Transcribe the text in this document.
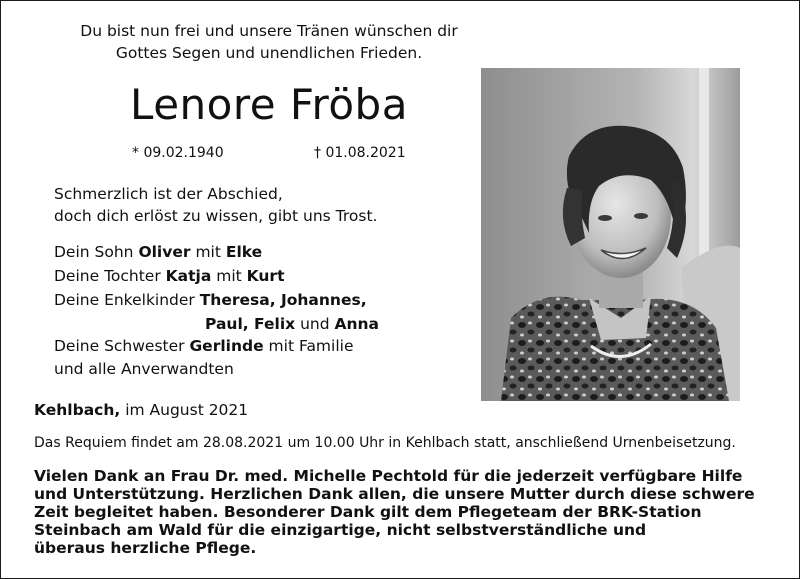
Du bist nun frei und unsere Tränen wünschen dir
Gottes Segen und unendlichen Frieden.
Lenore Fröba
* 09.02.1940	† 01.08.2021
Schmerzlich ist der Abschied,
doch dich erlöst zu wissen, gibt uns Trost.
Dein Sohn Oliver mit Elke
Deine Tochter Katja mit Kurt
Deine Enkelkinder Theresa, Johannes,
Paul, Felix und Anna
Deine Schwester Gerlinde mit Familie
und alle Anverwandten
Kehlbach, im August 2021
Das Requiem findet am 28.08.2021 um 10.00 Uhr in Kehlbach statt, anschließend Urnenbeisetzung.
Vielen Dank an Frau Dr. med. Michelle Pechtold für die jederzeit verfügbare Hilfe
und Unterstützung. Herzlichen Dank allen, die unsere Mutter durch diese schwere
Zeit begleitet haben. Besonderer Dank gilt dem Pflegeteam der BRK-Station
Steinbach am Wald für die einzigartige, nicht selbstverständliche und
überaus herzliche Pflege.
